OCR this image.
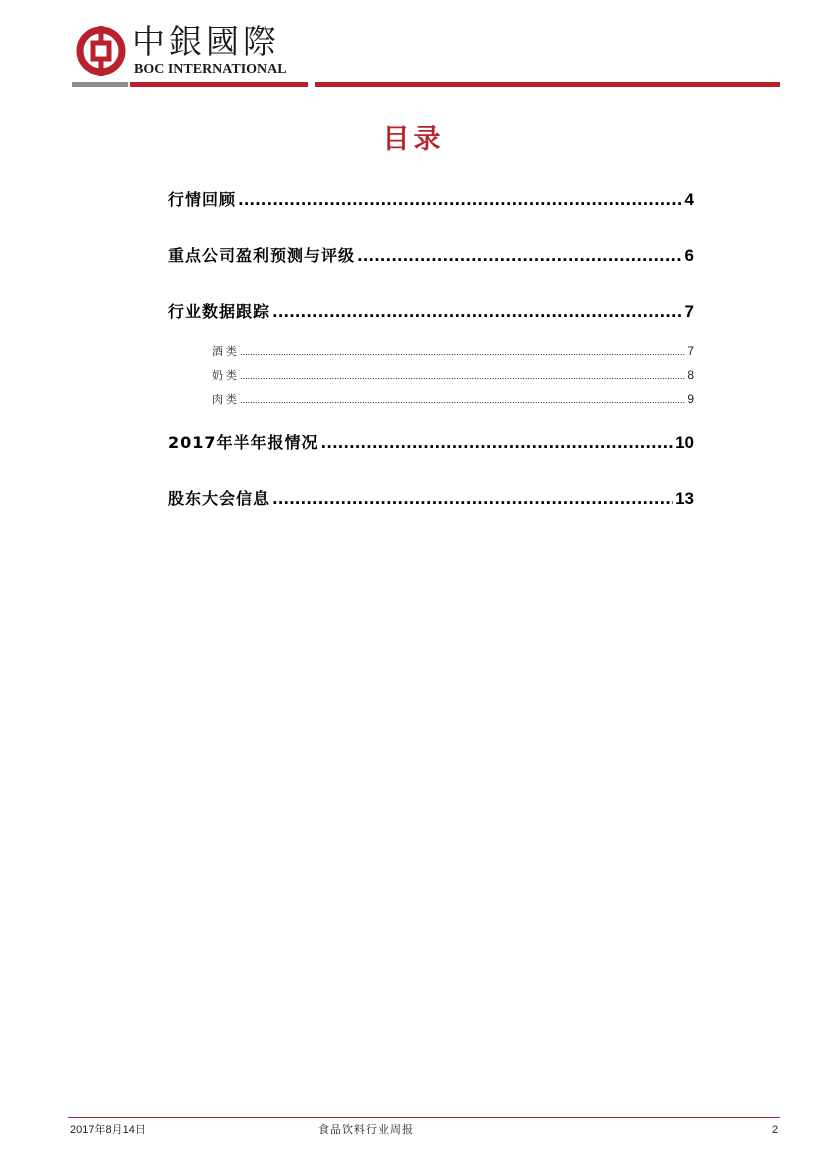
中銀國際
BOC INTERNATIONAL
目录
行情回顾 .....	4
重点公司盈利预测与评级 .....	6
行业数据跟踪 .....	7
酒类 .....	7
奶类 .....	8
肉类 .....	9
2017年半年报情况 .....	10
股东大会信息 .....	13
2017年8月14日	食品饮料行业周报	2
